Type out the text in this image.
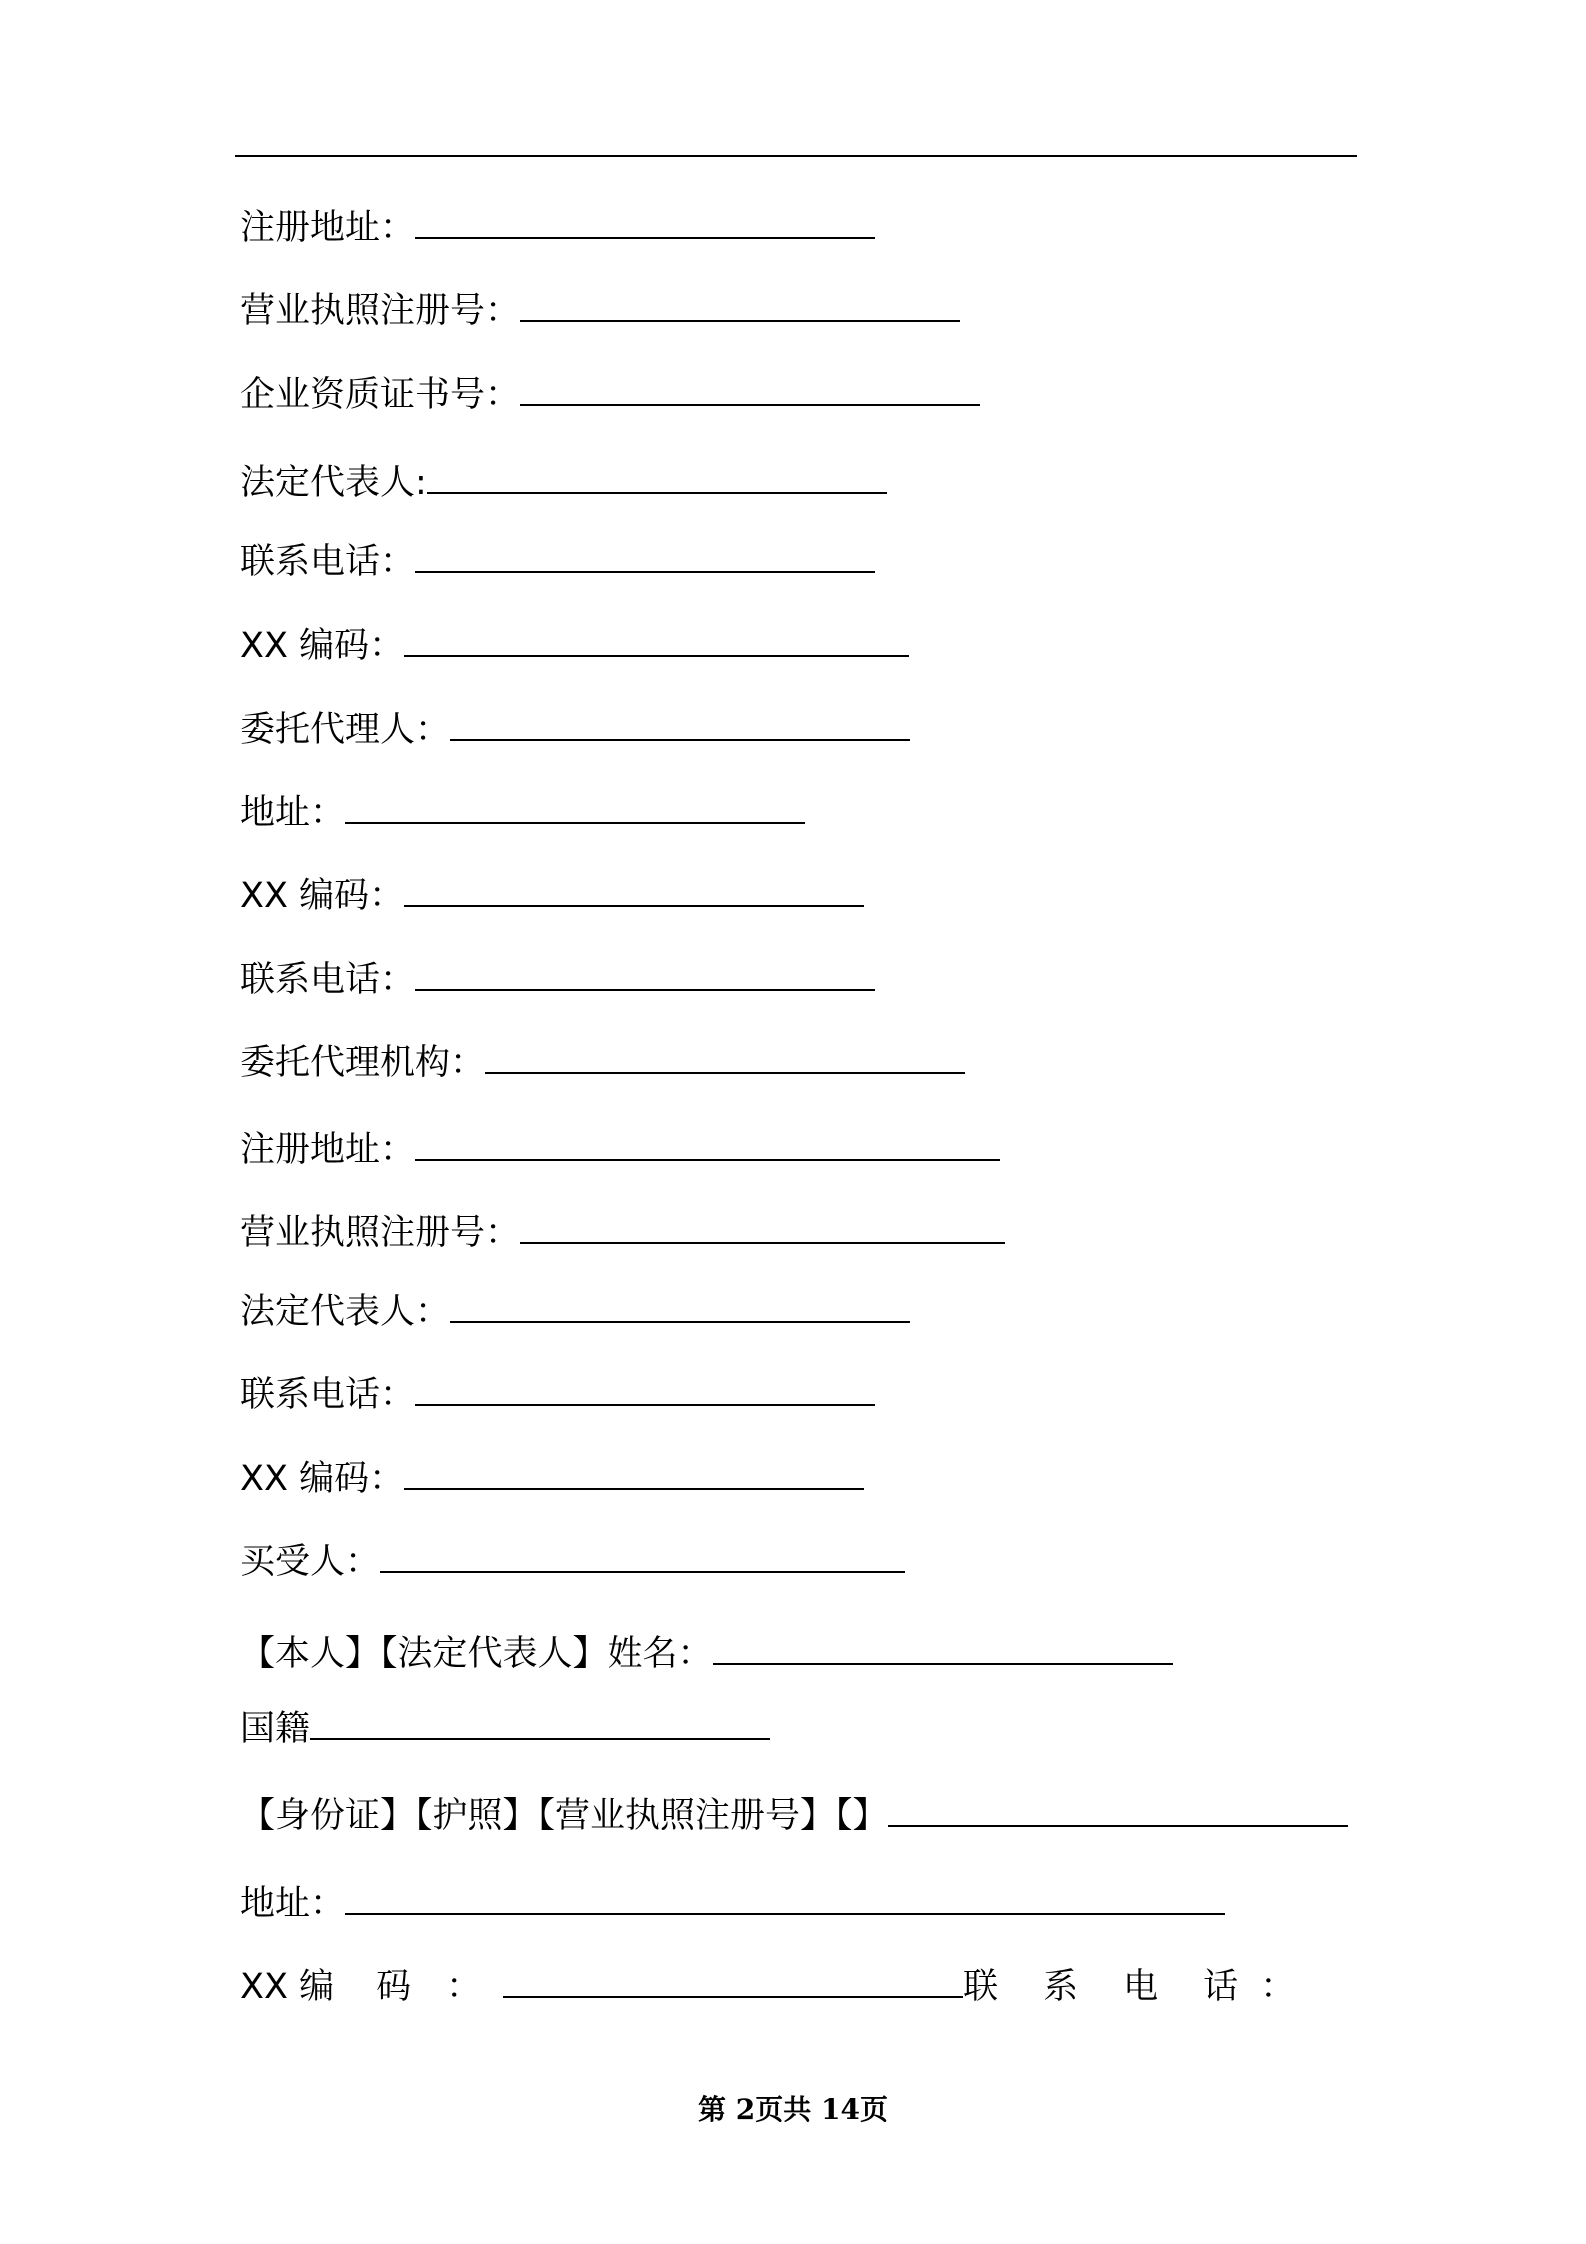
注册地址：
营业执照注册号：
企业资质证书号：
法定代表人:
联系电话：
XX 编码：
委托代理人：
地址：
XX 编码：
联系电话：
委托代理机构：
注册地址：
营业执照注册号：
法定代表人：
联系电话：
XX 编码：
买受人：
【本人】【法定代表人】姓名：
国籍
【身份证】【护照】【营业执照注册号】【】
地址：
XX 编 码 ：	联 系 电 话 ：
第 2页共 14页
